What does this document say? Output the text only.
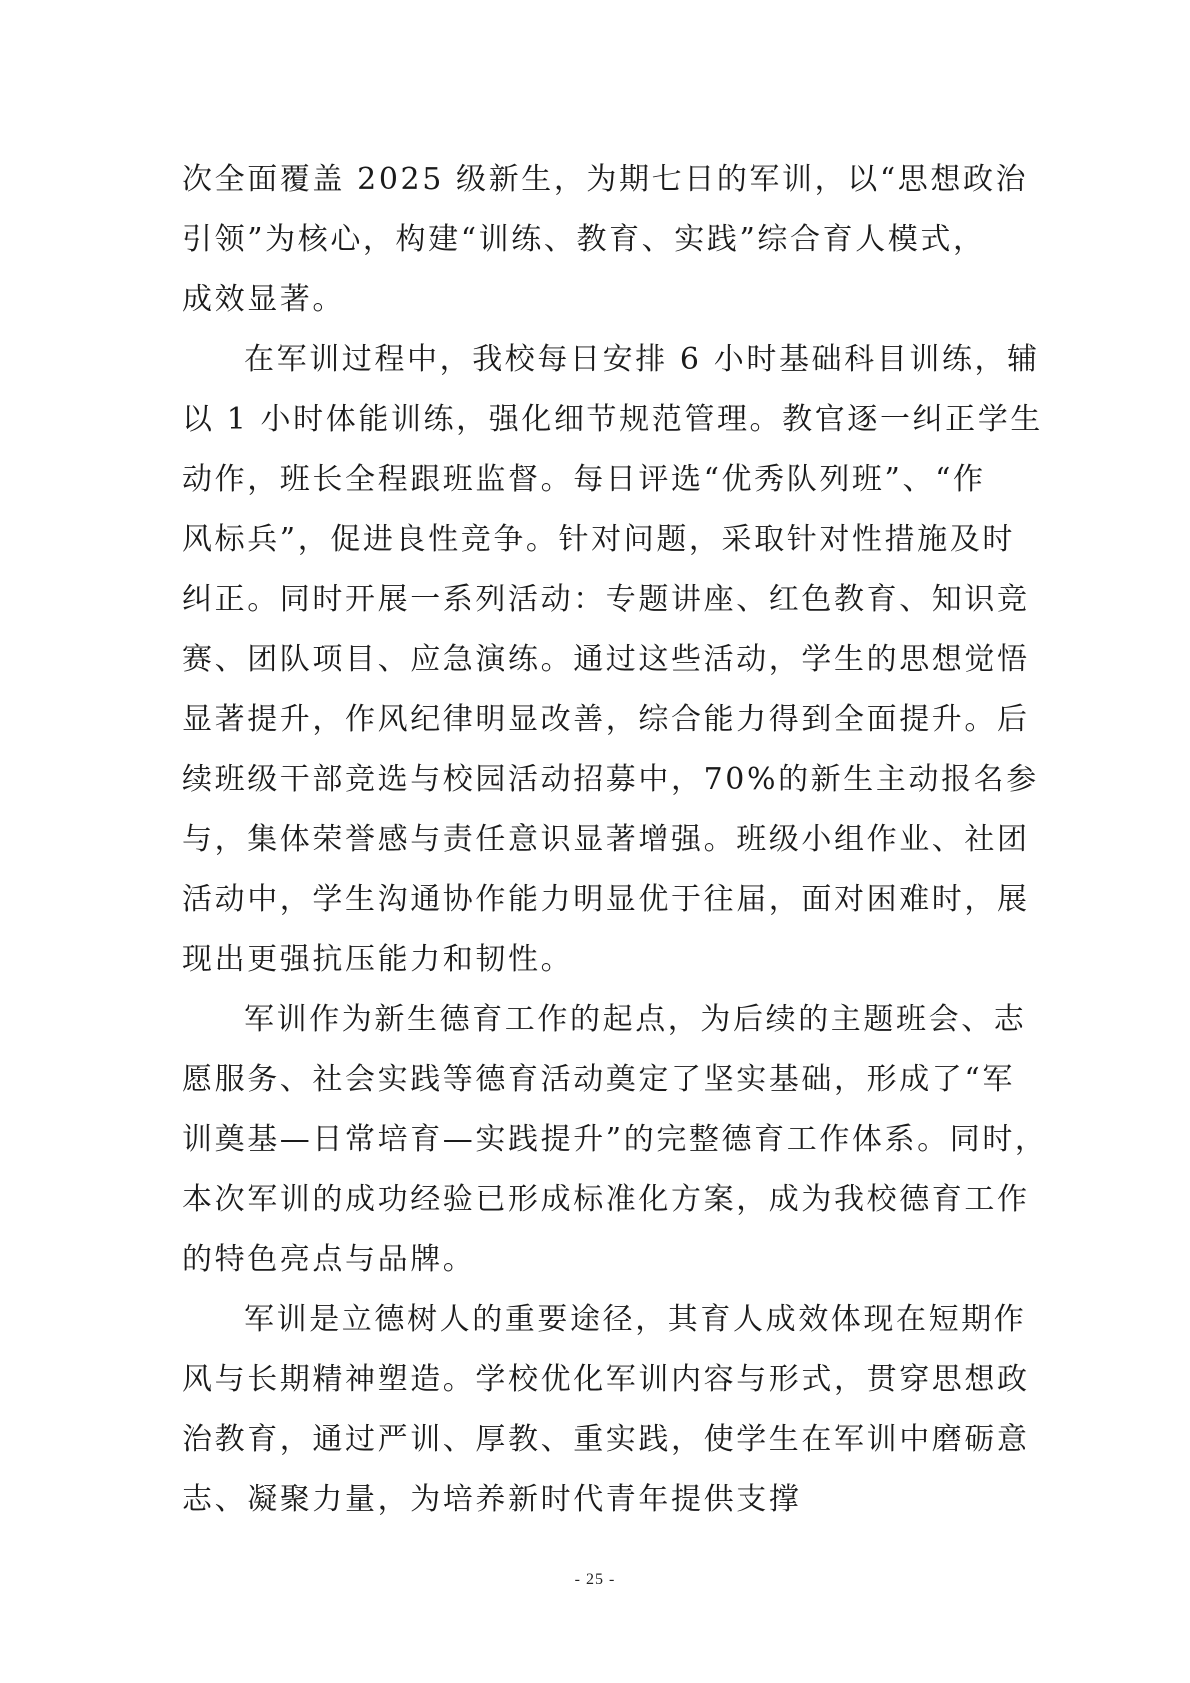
次全面覆盖 2025 级新生，为期七日的军训，以“思想政治
引领”为核心，构建“训练、教育、实践”综合育人模式，
成效显著。
在军训过程中，我校每日安排 6 小时基础科目训练，辅
以 1 小时体能训练，强化细节规范管理。教官逐一纠正学生
动作，班长全程跟班监督。每日评选“优秀队列班”、“作
风标兵”，促进良性竞争。针对问题，采取针对性措施及时
纠正。同时开展一系列活动：专题讲座、红色教育、知识竞
赛、团队项目、应急演练。通过这些活动，学生的思想觉悟
显著提升，作风纪律明显改善，综合能力得到全面提升。后
续班级干部竞选与校园活动招募中，70%的新生主动报名参
与，集体荣誉感与责任意识显著增强。班级小组作业、社团
活动中，学生沟通协作能力明显优于往届，面对困难时，展
现出更强抗压能力和韧性。
军训作为新生德育工作的起点，为后续的主题班会、志
愿服务、社会实践等德育活动奠定了坚实基础，形成了“军
训奠基—日常培育—实践提升”的完整德育工作体系。同时，
本次军训的成功经验已形成标准化方案，成为我校德育工作
的特色亮点与品牌。
军训是立德树人的重要途径，其育人成效体现在短期作
风与长期精神塑造。学校优化军训内容与形式，贯穿思想政
治教育，通过严训、厚教、重实践，使学生在军训中磨砺意
志、凝聚力量，为培养新时代青年提供支撑
- 25 -
